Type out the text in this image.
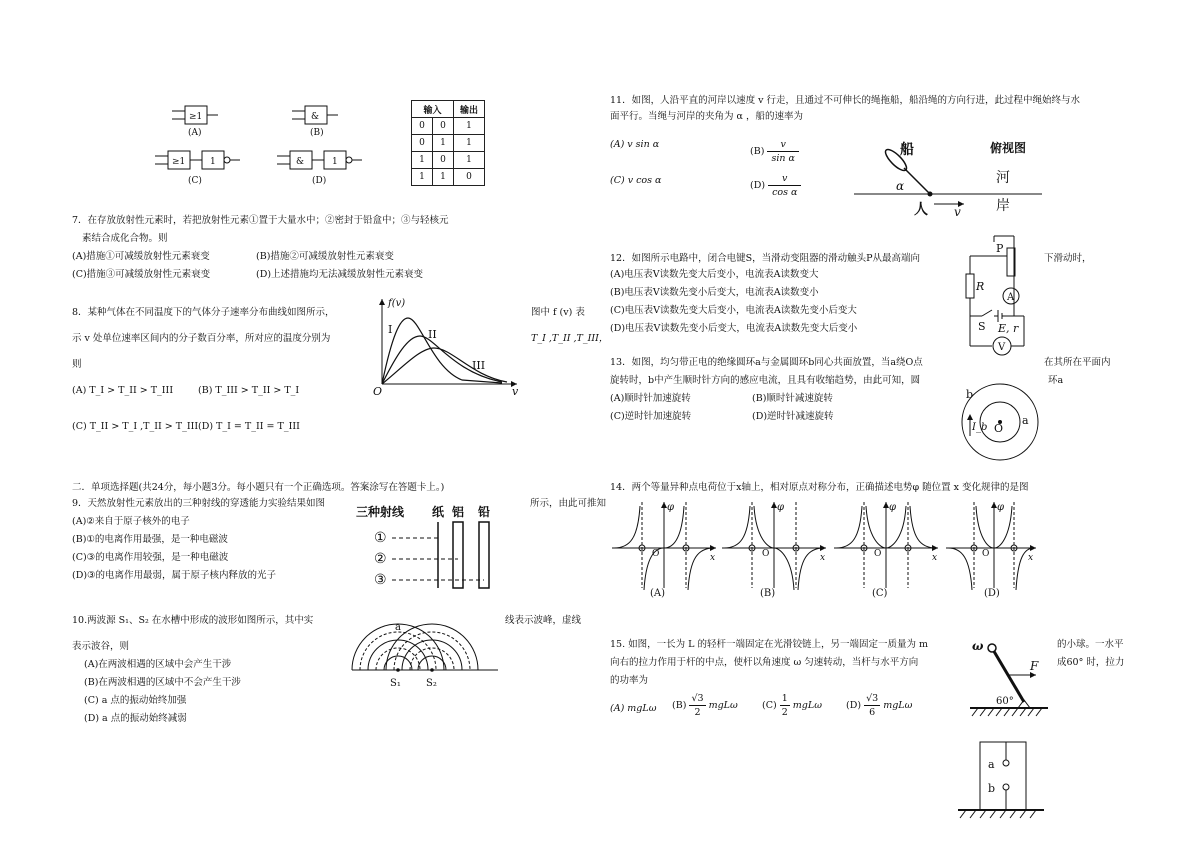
≥1
(A)
&
(B)
≥1	1
(C)
&	1
(D)
输入		输出
0	0	1
0	1	1
1	0	1
1	1	0
7．在存放放射性元素时，若把放射性元素①置于大量水中；②密封于铅盒中；③与轻核元
素结合成化合物。则
(A)措施①可减缓放射性元素衰变	(B)措施②可减缓放射性元素衰变
(C)措施③可减缓放射性元素衰变	(D)上述措施均无法减缓放射性元素衰变
8．某种气体在不同温度下的气体分子速率分布曲线如图所示，	图中 f (v) 表
示 v 处单位速率区间内的分子数百分率，所对应的温度分别为	T_I ,T_II ,T_III，
则
(A) T_I > T_II > T_III	(B) T_III > T_II > T_I
(C) T_II > T_I ,T_II > T_III (D) T_I = T_II = T_III
f(v)
v
O
I	II
III
二．单项选择题(共24分，每小题3分。每小题只有一个正确选项。答案涂写在答题卡上。)
9．天然放射性元素放出的三种射线的穿透能力实验结果如图	所示，由此可推知
(A)②来自于原子核外的电子
(B)①的电离作用最强，是一种电磁波
(C)③的电离作用较强，是一种电磁波
(D)③的电离作用最弱，属于原子核内释放的光子
三种射线 纸 铝 铅
①
②
③
10.两波源 S₁、S₂ 在水槽中形成的波形如图所示，其中实	线表示波峰，虚线
表示波谷，则
(A)在两波相遇的区域中会产生干涉
(B)在两波相遇的区域中不会产生干涉
(C) a 点的振动始终加强
(D) a 点的振动始终减弱
a
S₁	S₂
11．如图，人沿平直的河岸以速度 v 行走，且通过不可伸长的绳拖船，船沿绳的方向行进，此过程中绳始终与水
面平行。当绳与河岸的夹角为 α ，船的速率为
(A) v sin α
$(B) \frac{v}{\text{sin α}}$
(C) v cos α	$(D) \frac{v}{\text{cos α}}$
船	俯视图
河
岸
人 v
α
12．如图所示电路中，闭合电键S，当滑动变阻器的滑动触头P从最高端向	下滑动时，
(A)电压表V读数先变大后变小，电流表A读数变大
(B)电压表V读数先变小后变大，电流表A读数变小
(C)电压表V读数先变大后变小，电流表A读数先变小后变大
(D)电压表V读数先变小后变大，电流表A读数先变大后变小
P
R
A
S E, r
V
13．如图，均匀带正电的绝缘圆环a与金属圆环b同心共面放置，当a绕O点	在其所在平面内
旋转时，b中产生顺时针方向的感应电流，且具有收缩趋势，由此可知，圆	环a
(A)顺时针加速旋转	(B)顺时针减速旋转
(C)逆时针加速旋转	(D)逆时针减速旋转
b
a
O
I_b
14．两个等量异种点电荷位于x轴上，相对原点对称分布，正确描述电势φ 随位置 x 变化规律的是图
φ
x
O
(A)
φ
x
O
(B)
φ
x
O
(C)
φ
x
O
(D)
15. 如图，一长为 L 的轻杆一端固定在光滑铰链上，另一端固定一质量为 m	的小球。一水平
向右的拉力作用于杆的中点，使杆以角速度 ω 匀速转动，当杆与水平方向	成60° 时，拉力
的功率为
(A) mgLω $(B) \frac{√3}{2}$ mgLω	$(C) \frac{1}{2}$ mgLω	$(D) \frac{√3}{6}$ mgLω
F
ω
60°
a
b
